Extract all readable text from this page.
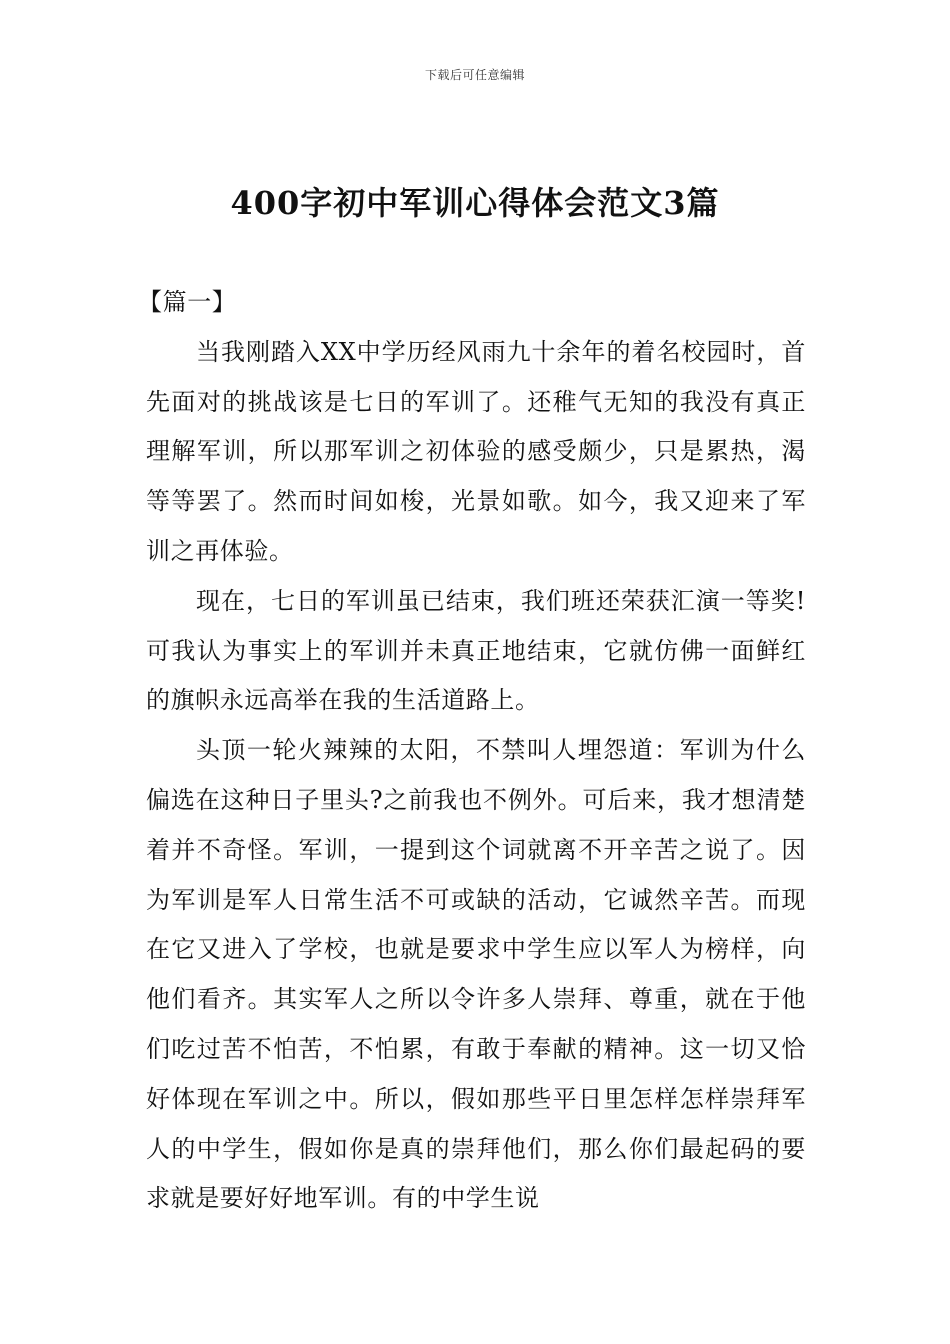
下载后可任意编辑
400字初中军训心得体会范文3篇

【篇一】

当我刚踏入XX中学历经风雨九十余年的着名校园时，首先面对的挑战该是七日的军训了。还稚气无知的我没有真正理解军训，所以那军训之初体验的感受颇少，只是累热，渴等等罢了。然而时间如梭，光景如歌。如今，我又迎来了军训之再体验。

现在，七日的军训虽已结束，我们班还荣获汇演一等奖!可我认为事实上的军训并未真正地结束，它就仿佛一面鲜红的旗帜永远高举在我的生活道路上。

头顶一轮火辣辣的太阳，不禁叫人埋怨道：军训为什么偏选在这种日子里头?之前我也不例外。可后来，我才想清楚着并不奇怪。军训，一提到这个词就离不开辛苦之说了。因为军训是军人日常生活不可或缺的活动，它诚然辛苦。而现在它又进入了学校，也就是要求中学生应以军人为榜样，向他们看齐。其实军人之所以令许多人崇拜、尊重，就在于他们吃过苦不怕苦，不怕累，有敢于奉献的精神。这一切又恰好体现在军训之中。所以，假如那些平日里怎样怎样崇拜军人的中学生，假如你是真的崇拜他们，那么你们最起码的要求就是要好好地军训。有的中学生说
